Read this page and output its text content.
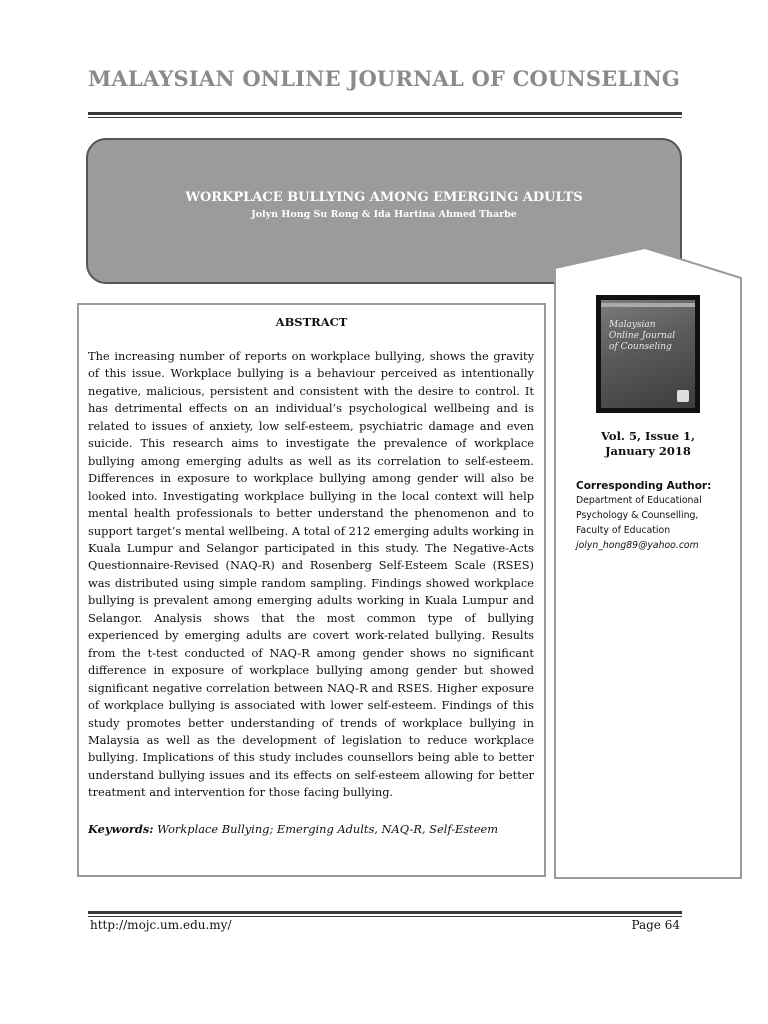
MALAYSIAN ONLINE JOURNAL OF COUNSELING
WORKPLACE BULLYING AMONG EMERGING ADULTS
Jolyn Hong Su Rong & Ida Hartina Ahmed Tharbe
ABSTRACT
The increasing number of reports on workplace bullying, shows the gravity of this issue. Workplace bullying is a behaviour perceived as intentionally negative, malicious, persistent and consistent with the desire to control. It has detrimental effects on an individual’s psychological wellbeing and is related to issues of anxiety, low self-esteem, psychiatric damage and even suicide. This research aims to investigate the prevalence of workplace bullying among emerging adults as well as its correlation to self-esteem. Differences in exposure to workplace bullying among gender will also be looked into. Investigating workplace bullying in the local context will help mental health professionals to better understand the phenomenon and to support target’s mental wellbeing. A total of 212 emerging adults working in Kuala Lumpur and Selangor participated in this study. The Negative-Acts Questionnaire-Revised (NAQ-R) and Rosenberg Self-Esteem Scale (RSES) was distributed using simple random sampling. Findings showed workplace bullying is prevalent among emerging adults working in Kuala Lumpur and Selangor. Analysis shows that the most common type of bullying experienced by emerging adults are covert work-related bullying. Results from the t-test conducted of NAQ-R among gender shows no significant difference in exposure of workplace bullying among gender but showed significant negative correlation between NAQ-R and RSES. Higher exposure of workplace bullying is associated with lower self-esteem. Findings of this study promotes better understanding of trends of workplace bullying in Malaysia as well as the development of legislation to reduce workplace bullying. Implications of this study includes counsellors being able to better understand bullying issues and its effects on self-esteem allowing for better treatment and intervention for those facing bullying.
Keywords: Workplace Bullying; Emerging Adults, NAQ-R, Self-Esteem
Malaysian Online Journal of Counseling
Vol. 5, Issue 1,
January 2018
Corresponding Author:
Department of Educational
Psychology & Counselling,
Faculty of Education
jolyn_hong89@yahoo.com
http://mojc.um.edu.my/	Page 64
